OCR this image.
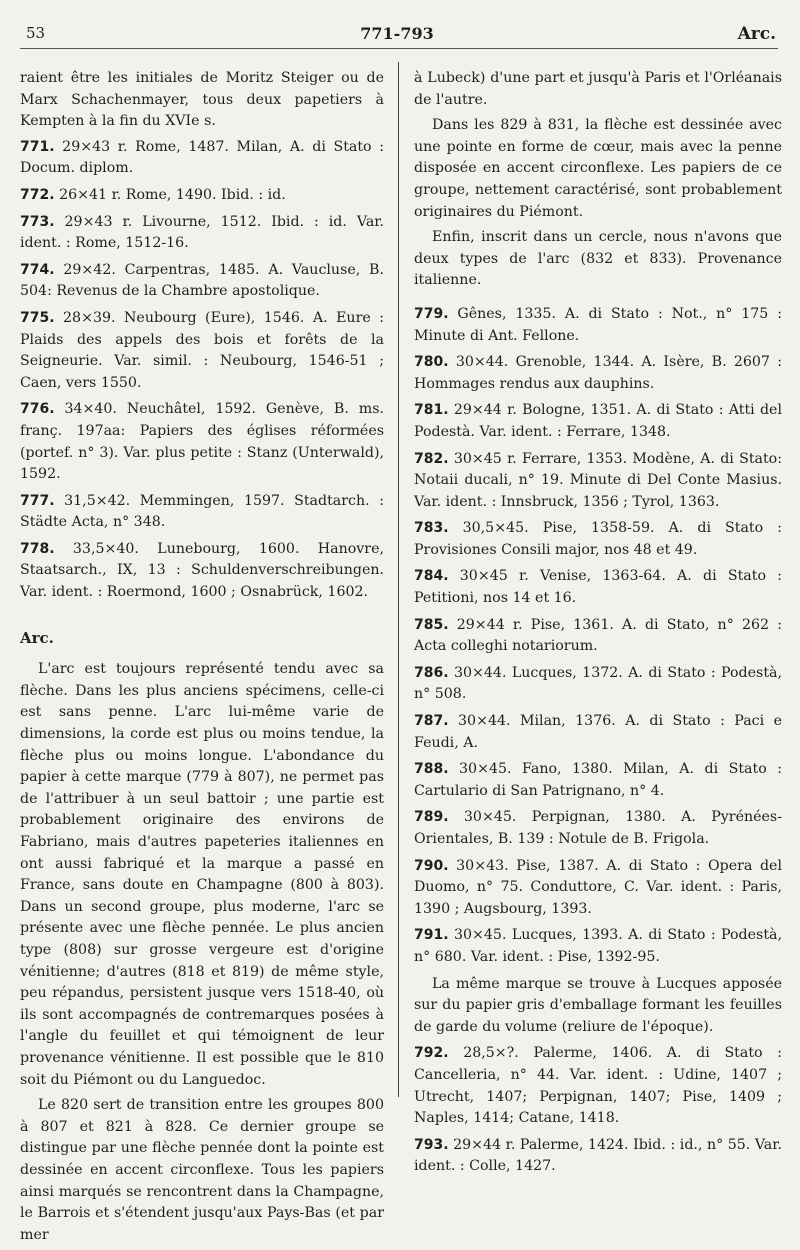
53	771-793	Arc.

raient être les initiales de Moritz Steiger ou de Marx Schachenmayer, tous deux papetiers à Kempten à la fin du XVIe s.

771. 29×43 r. Rome, 1487. Milan, A. di Stato : Docum. diplom.
772. 26×41 r. Rome, 1490. Ibid. : id.
773. 29×43 r. Livourne, 1512. Ibid. : id. Var. ident. : Rome, 1512-16.
774. 29×42. Carpentras, 1485. A. Vaucluse, B. 504: Revenus de la Chambre apostolique.
775. 28×39. Neubourg (Eure), 1546. A. Eure : Plaids des appels des bois et forêts de la Seigneurie. Var. simil. : Neubourg, 1546-51 ; Caen, vers 1550.
776. 34×40. Neuchâtel, 1592. Genève, B. ms. franç. 197aa: Papiers des églises réformées (portef. n° 3). Var. plus petite : Stanz (Unterwald), 1592.
777. 31,5×42. Memmingen, 1597. Stadtarch. : Städte Acta, n° 348.
778. 33,5×40. Lunebourg, 1600. Hanovre, Staatsarch., IX, 13 : Schuldenverschreibungen. Var. ident. : Roermond, 1600 ; Osnabrück, 1602.
Arc.

L'arc est toujours représenté tendu avec sa flèche. Dans les plus anciens spécimens, celle-ci est sans penne. L'arc lui-même varie de dimensions, la corde est plus ou moins tendue, la flèche plus ou moins longue. L'abondance du papier à cette marque (779 à 807), ne permet pas de l'attribuer à un seul battoir ; une partie est probablement originaire des environs de Fabriano, mais d'autres papeteries italiennes en ont aussi fabriqué et la marque a passé en France, sans doute en Champagne (800 à 803). Dans un second groupe, plus moderne, l'arc se présente avec une flèche pennée. Le plus ancien type (808) sur grosse vergeure est d'origine vénitienne; d'autres (818 et 819) de même style, peu répandus, persistent jusque vers 1518-40, où ils sont accompagnés de contremarques posées à l'angle du feuillet et qui témoignent de leur provenance vénitienne. Il est possible que le 810 soit du Piémont ou du Languedoc.

Le 820 sert de transition entre les groupes 800 à 807 et 821 à 828. Ce dernier groupe se distingue par une flèche pennée dont la pointe est dessinée en accent circonflexe. Tous les papiers ainsi marqués se rencontrent dans la Champagne, le Barrois et s'étendent jusqu'aux Pays-Bas (et par mer

à Lubeck) d'une part et jusqu'à Paris et l'Orléanais de l'autre.

Dans les 829 à 831, la flèche est dessinée avec une pointe en forme de cœur, mais avec la penne disposée en accent circonflexe. Les papiers de ce groupe, nettement caractérisé, sont probablement originaires du Piémont.

Enfin, inscrit dans un cercle, nous n'avons que deux types de l'arc (832 et 833). Provenance italienne.

779. Gênes, 1335. A. di Stato : Not., n° 175 : Minute di Ant. Fellone.
780. 30×44. Grenoble, 1344. A. Isère, B. 2607 : Hommages rendus aux dauphins.
781. 29×44 r. Bologne, 1351. A. di Stato : Atti del Podestà. Var. ident. : Ferrare, 1348.
782. 30×45 r. Ferrare, 1353. Modène, A. di Stato: Notaii ducali, n° 19. Minute di Del Conte Masius. Var. ident. : Innsbruck, 1356 ; Tyrol, 1363.
783. 30,5×45. Pise, 1358-59. A. di Stato : Provisiones Consili major, nos 48 et 49.
784. 30×45 r. Venise, 1363-64. A. di Stato : Petitioni, nos 14 et 16.
785. 29×44 r. Pise, 1361. A. di Stato, n° 262 : Acta colleghi notariorum.
786. 30×44. Lucques, 1372. A. di Stato : Podestà, n° 508.
787. 30×44. Milan, 1376. A. di Stato : Paci e Feudi, A.
788. 30×45. Fano, 1380. Milan, A. di Stato : Cartulario di San Patrignano, n° 4.
789. 30×45. Perpignan, 1380. A. Pyrénées-Orientales, B. 139 : Notule de B. Frigola.
790. 30×43. Pise, 1387. A. di Stato : Opera del Duomo, n° 75. Conduttore, C. Var. ident. : Paris, 1390 ; Augsbourg, 1393.
791. 30×45. Lucques, 1393. A. di Stato : Podestà, n° 680. Var. ident. : Pise, 1392-95.
La même marque se trouve à Lucques apposée sur du papier gris d'emballage formant les feuilles de garde du volume (reliure de l'époque).
792. 28,5×?. Palerme, 1406. A. di Stato : Cancelleria, n° 44. Var. ident. : Udine, 1407 ; Utrecht, 1407; Perpignan, 1407; Pise, 1409 ; Naples, 1414; Catane, 1418.
793. 29×44 r. Palerme, 1424. Ibid. : id., n° 55. Var. ident. : Colle, 1427.
